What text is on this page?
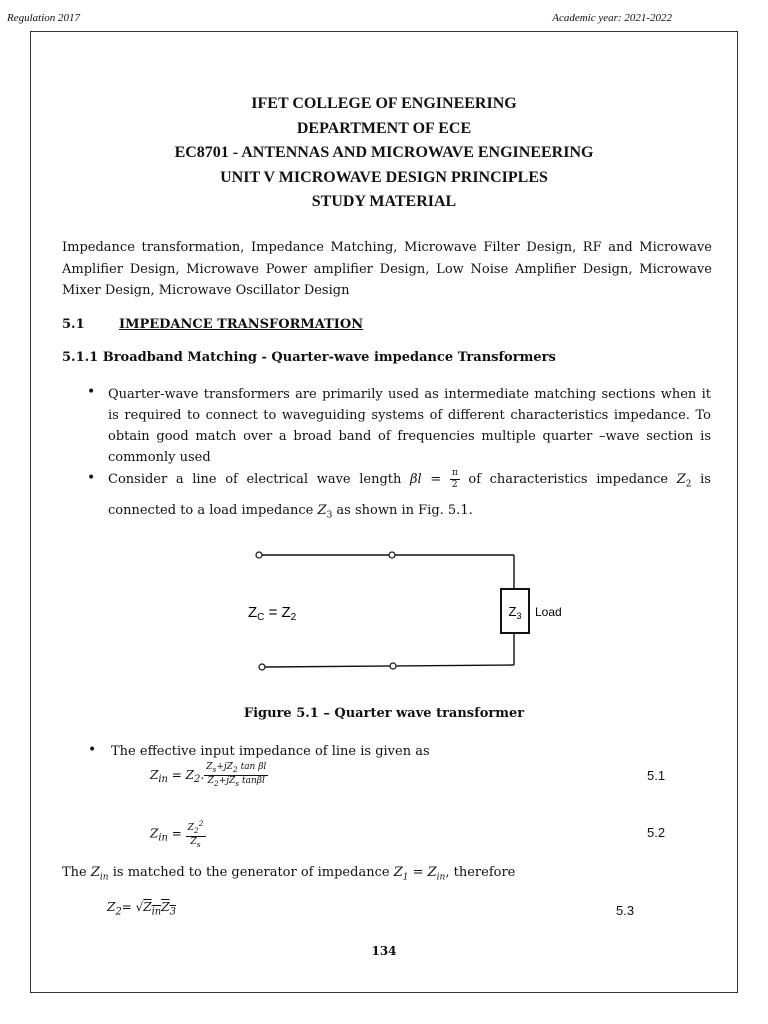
Regulation 2017	Academic year: 2021-2022
IFET COLLEGE OF ENGINEERING
DEPARTMENT OF ECE
EC8701 - ANTENNAS AND MICROWAVE ENGINEERING
UNIT V MICROWAVE DESIGN PRINCIPLES
STUDY MATERIAL
Impedance transformation, Impedance Matching, Microwave Filter Design, RF and Microwave Amplifier Design, Microwave Power amplifier Design, Low Noise Amplifier Design, Microwave Mixer Design, Microwave Oscillator Design
5.1	IMPEDANCE TRANSFORMATION
5.1.1 Broadband Matching - Quarter-wave impedance Transformers
• Quarter-wave transformers are primarily used as intermediate matching sections when it is required to connect to waveguiding systems of different characteristics impedance. To obtain good match over a broad band of frequencies multiple quarter –wave section is commonly used
• Consider a line of electrical wave length $\beta l = \frac{\pi}{2}$ of characteristics impedance $Z_2$ is connected to a load impedance $Z_3$ as shown in Fig. 5.1.
$Z_3$ Load
$Z_C = Z_2$
Figure 5.1 – Quarter wave transformer
• The effective input impedance of line is given as
$Z_{in} = Z_2$. $\frac{Z_s+jZ_2 \tan \beta l}{Z_2+jZ_s \tan\beta l}$	5.1
$Z_{in} = \frac{Z_2^2}{Z_s}$	5.2
The $Z_{in}$ is matched to the generator of impedance $Z_1 = Z_{in}$, therefore
$Z_2= √Z_{in}Z_3$	5.3
134
